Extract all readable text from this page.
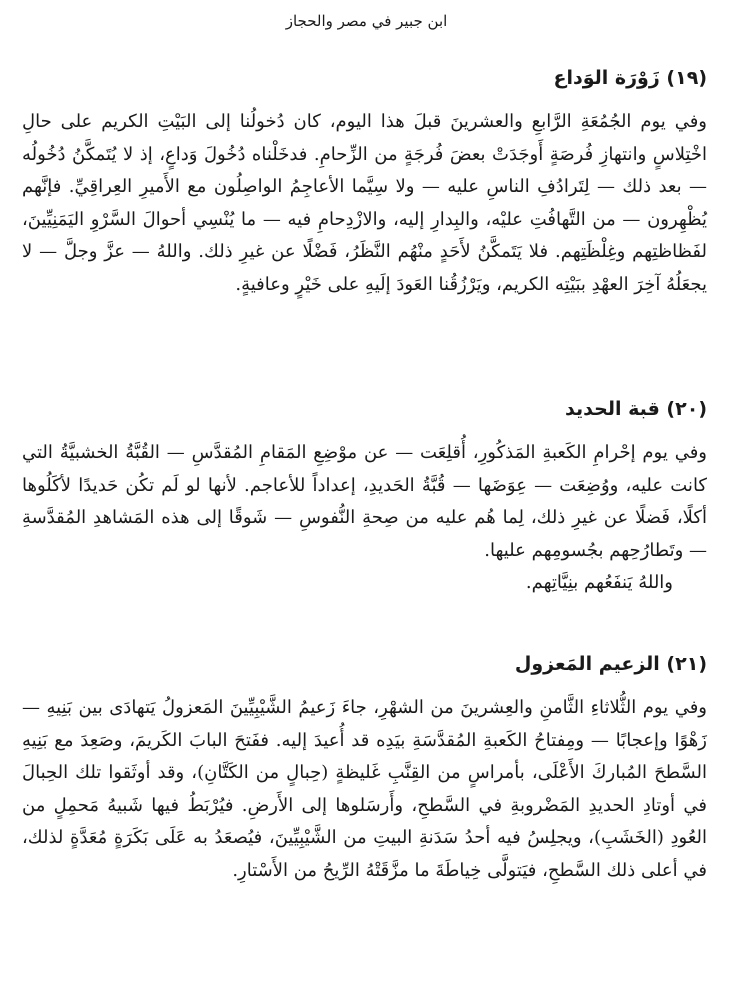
ابن جبير في مصر والحجاز
(١٩) زَوْرَة الوَداع

وفي يوم الجُمُعَةِ الرَّابعِ والعشرينَ قبلَ هذا اليوم، كان دُخولُنا إلى البَيْتِ الكريم على حالِ اخْتِلاسٍ وانتهازِ فُرصَةٍ أَوجَدَتْ بعضَ فُرجَةٍ من الزِّحامِ. فدخَلْناه دُخُولَ وَداعٍ، إذ لا يُتَمكَّنُ دُخُولُه — بعد ذلك — لِتَرادُفِ الناسِ عليه — ولا سِيَّما الأعاجِمُ الواصِلُون مع الأَميرِ العِراقِيِّ. فإنَّهم يُظْهِرون — من التَّهافُتِ عليْه، والبِدارِ إليه، والازْدِحامِ فيه — ما يُنْسِي أحوالَ السَّرْوِ اليَمَنِيِّينَ، لفَظاظتِهم وغِلْظَتِهم. فلا يَتَمكَّنُ لأَحَدٍ منْهُم النَّظَرُ، فَضْلًا عن غيرِ ذلك. واللهُ — عزَّ وجلَّ — لا يجعَلُهُ آخِرَ العهْدِ ببَيْتِه الكريم، ويَرْزُقُنا العَودَ إلَيهِ على خَيْرٍ وعافيةٍ.

(٢٠) قبة الحديد

وفي يوم إحْرامِ الكَعبةِ المَذكُورِ، أُقلِعَت — عن موْضِعِ المَقامِ المُقدَّسِ — القُبَّةُ الخشبيَّةُ التي كانت عليه، ووُضِعَت — عِوَضَها — قُبَّةُ الحَديدِ، إعداداً للأعاجم. لأنها لو لَم تكُن حَديدًا لأكَلُوها أكلًا، فَضلًا عن غيرِ ذلك، لِما هُم عليه من صِحةِ النُّفوسِ — شَوقًا إلى هذه المَشاهدِ المُقدَّسةِ — وتَطارُحِهم بجُسومِهم عليها.

واللهُ يَنفَعُهم بنِيَّاتِهم.

(٢١) الزعيم المَعزول

وفي يوم الثُّلاثاءِ الثَّامنِ والعِشرينَ من الشهْرِ، جاءَ زَعيمُ الشَّيْبِيِّينَ المَعزولُ يَتهادَى بين بَنِيهِ — زَهْوًا وإعجابًا — ومِفتاحُ الكَعبةِ المُقدَّسَةِ بيَدِه قد أُعيدَ إليه. ففَتحَ البابَ الكَريمَ، وصَعِدَ مع بَنِيهِ السَّطحَ المُباركَ الأَعْلَى، بأمراسٍ من القِنَّبِ غَليظةٍ (حِبالٍ من الكَتَّانِ)، وقد أوثَقوا تلك الحِبالَ في أوتادِ الحديدِ المَضْروبةِ في السَّطحِ، وأَرسَلوها إلى الأَرضِ. فيُرْبَطُ فيها شَبيهُ مَحمِلٍ من العُودِ (الخَشَبِ)، ويجلِسُ فيه أحدُ سَدَنةِ البيتِ من الشَّيْبِيِّينَ، فيُصعَدُ به عَلَى بَكَرَةٍ مُعَدَّةٍ لذلك، في أعلى ذلك السَّطحِ، فيَتولَّى خِياطَةَ ما مزَّقَتْهُ الرِّيحُ من الأَسْتارِ.
